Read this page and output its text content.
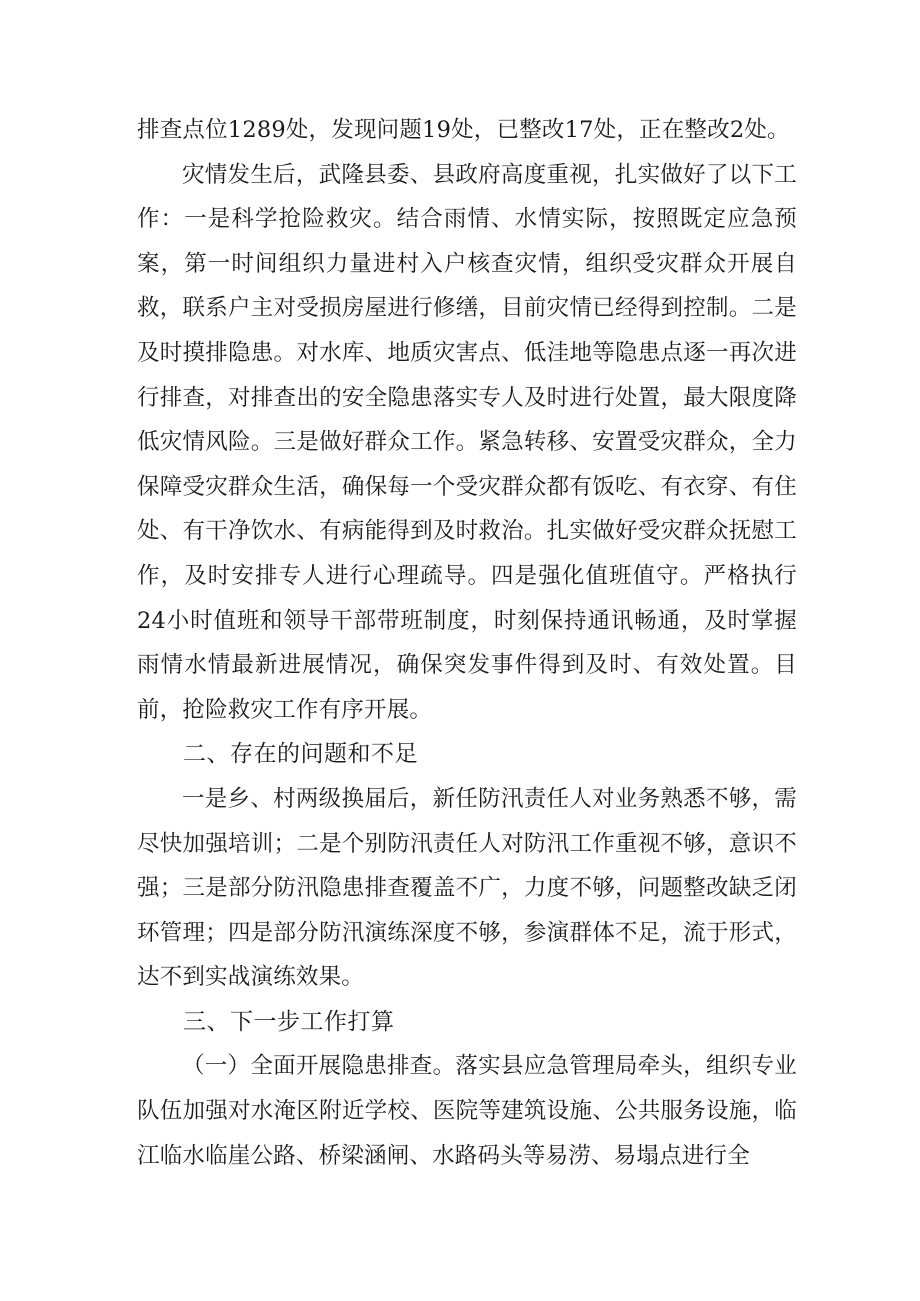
排查点位1289处，发现问题19处，已整改17处，正在整改2处。

灾情发生后，武隆县委、县政府高度重视，扎实做好了以下工作：一是科学抢险救灾。结合雨情、水情实际，按照既定应急预案，第一时间组织力量进村入户核查灾情，组织受灾群众开展自救，联系户主对受损房屋进行修缮，目前灾情已经得到控制。二是及时摸排隐患。对水库、地质灾害点、低洼地等隐患点逐一再次进行排查，对排查出的安全隐患落实专人及时进行处置，最大限度降低灾情风险。三是做好群众工作。紧急转移、安置受灾群众，全力保障受灾群众生活，确保每一个受灾群众都有饭吃、有衣穿、有住处、有干净饮水、有病能得到及时救治。扎实做好受灾群众抚慰工作，及时安排专人进行心理疏导。四是强化值班值守。严格执行24小时值班和领导干部带班制度，时刻保持通讯畅通，及时掌握雨情水情最新进展情况，确保突发事件得到及时、有效处置。目前，抢险救灾工作有序开展。

二、存在的问题和不足

一是乡、村两级换届后，新任防汛责任人对业务熟悉不够，需尽快加强培训；二是个别防汛责任人对防汛工作重视不够，意识不强；三是部分防汛隐患排查覆盖不广，力度不够，问题整改缺乏闭环管理；四是部分防汛演练深度不够，参演群体不足，流于形式，达不到实战演练效果。

三、下一步工作打算

（一）全面开展隐患排查。落实县应急管理局牵头，组织专业队伍加强对水淹区附近学校、医院等建筑设施、公共服务设施，临江临水临崖公路、桥梁涵闸、水路码头等易涝、易塌点进行全
